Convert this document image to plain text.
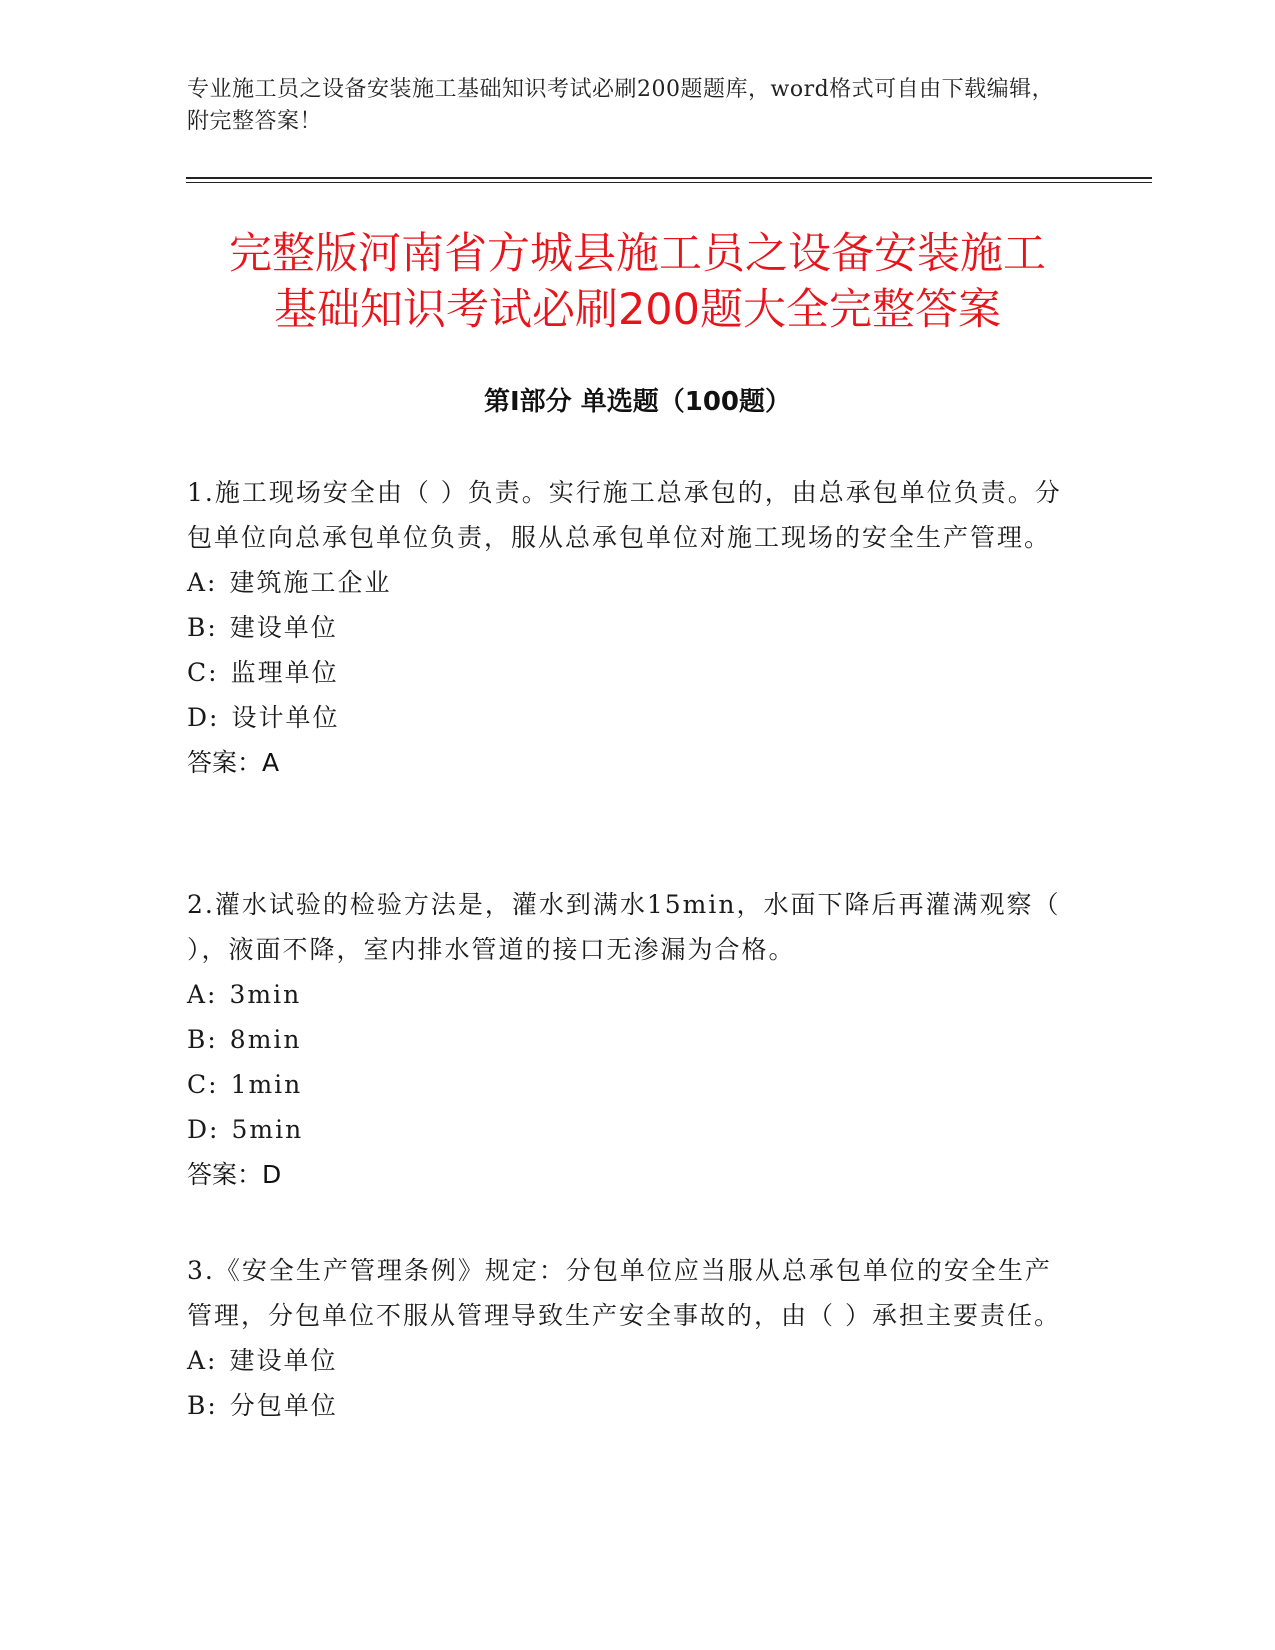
专业施工员之设备安装施工基础知识考试必刷200题题库，word格式可自由下载编辑，附完整答案！
完整版河南省方城县施工员之设备安装施工
基础知识考试必刷200题大全完整答案
第Ⅰ部分 单选题（100题）

1.施工现场安全由（ ）负责。实行施工总承包的，由总承包单位负责。分包单位向总承包单位负责，服从总承包单位对施工现场的安全生产管理。

A: 建筑施工企业

B: 建设单位

C: 监理单位

D: 设计单位

答案：A

2.灌水试验的检验方法是，灌水到满水15min，水面下降后再灌满观察（ ），液面不降，室内排水管道的接口无渗漏为合格。

A: 3min

B: 8min

C: 1min

D: 5min

答案：D

3.《安全生产管理条例》规定：分包单位应当服从总承包单位的安全生产管理，分包单位不服从管理导致生产安全事故的，由（ ）承担主要责任。

A: 建设单位

B: 分包单位
